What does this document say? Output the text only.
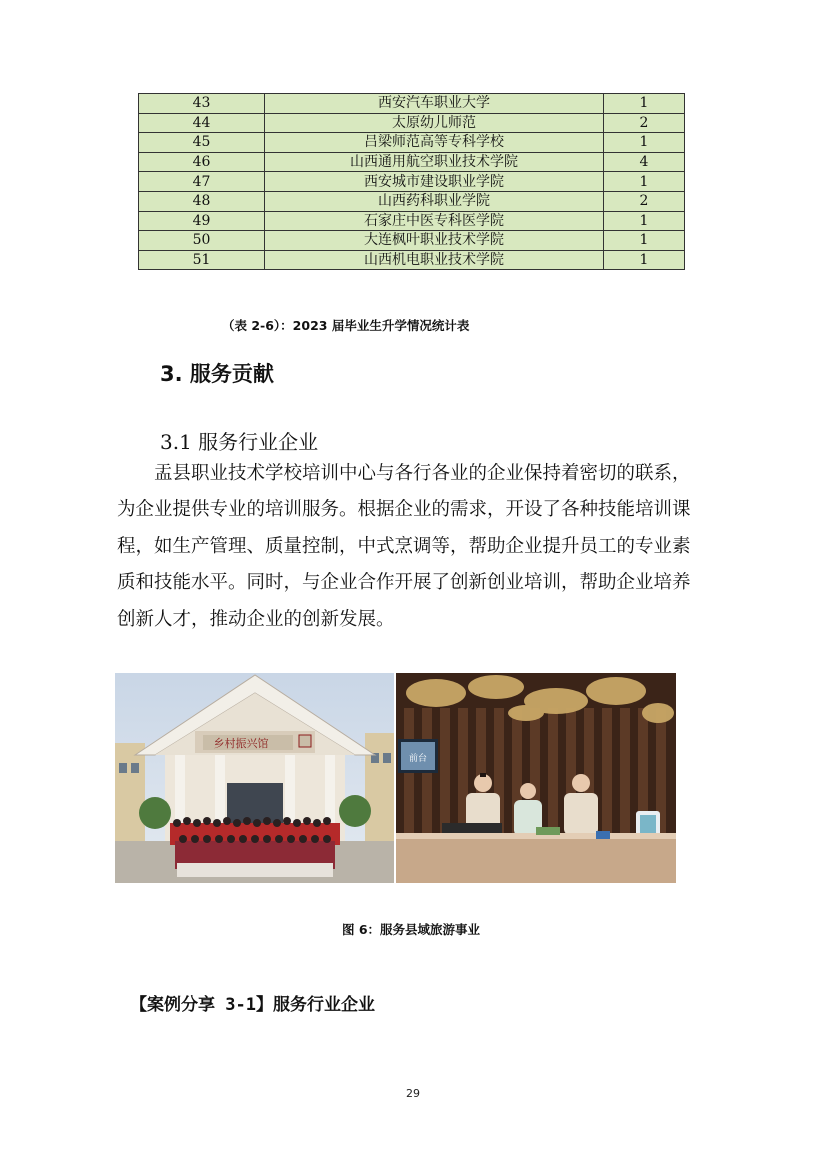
43	西安汽车职业大学	1
44	太原幼儿师范	2
45	吕梁师范高等专科学校	1
46	山西通用航空职业技术学院	4
47	西安城市建设职业学院	1
48	山西药科职业学院	2
49	石家庄中医专科医学院	1
50	大连枫叶职业技术学院	1
51	山西机电职业技术学院	1
（表 2-6）：2023 届毕业生升学情况统计表
3. 服务贡献
3.1 服务行业企业
盂县职业技术学校培训中心与各行各业的企业保持着密切的联系，
为企业提供专业的培训服务。根据企业的需求，开设了各种技能培训课
程，如生产管理、质量控制，中式烹调等，帮助企业提升员工的专业素
质和技能水平。同时，与企业合作开展了创新创业培训，帮助企业培养
创新人才，推动企业的创新发展。
乡村振兴馆
前台
图 6：服务县域旅游事业
【案例分享 3-1】服务行业企业
29
